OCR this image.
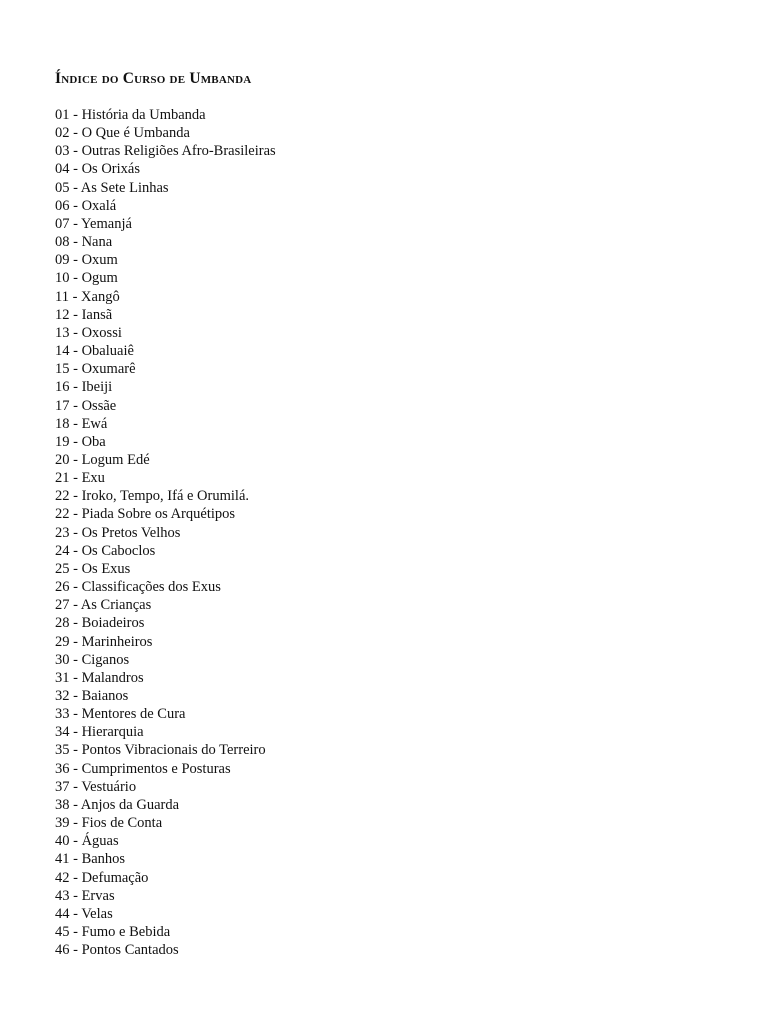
Índice do Curso de Umbanda
01 - História da Umbanda
02 - O Que é Umbanda
03 - Outras Religiões Afro-Brasileiras
04 - Os Orixás
05 - As Sete Linhas
06 - Oxalá
07 - Yemanjá
08 - Nana
09 - Oxum
10 - Ogum
11 - Xangô
12 - Iansã
13 - Oxossi
14 - Obaluaiê
15 - Oxumarê
16 - Ibeiji
17 - Ossãe
18 - Ewá
19 - Oba
20 - Logum Edé
21 - Exu
22 - Iroko, Tempo, Ifá e Orumilá.
22 - Piada Sobre os Arquétipos
23 - Os Pretos Velhos
24 - Os Caboclos
25 - Os Exus
26 - Classificações dos Exus
27 - As Crianças
28 - Boiadeiros
29 - Marinheiros
30 - Ciganos
31 - Malandros
32 - Baianos
33 - Mentores de Cura
34 - Hierarquia
35 - Pontos Vibracionais do Terreiro
36 - Cumprimentos e Posturas
37 - Vestuário
38 - Anjos da Guarda
39 - Fios de Conta
40 - Águas
41 - Banhos
42 - Defumação
43 - Ervas
44 - Velas
45 - Fumo e Bebida
46 - Pontos Cantados
